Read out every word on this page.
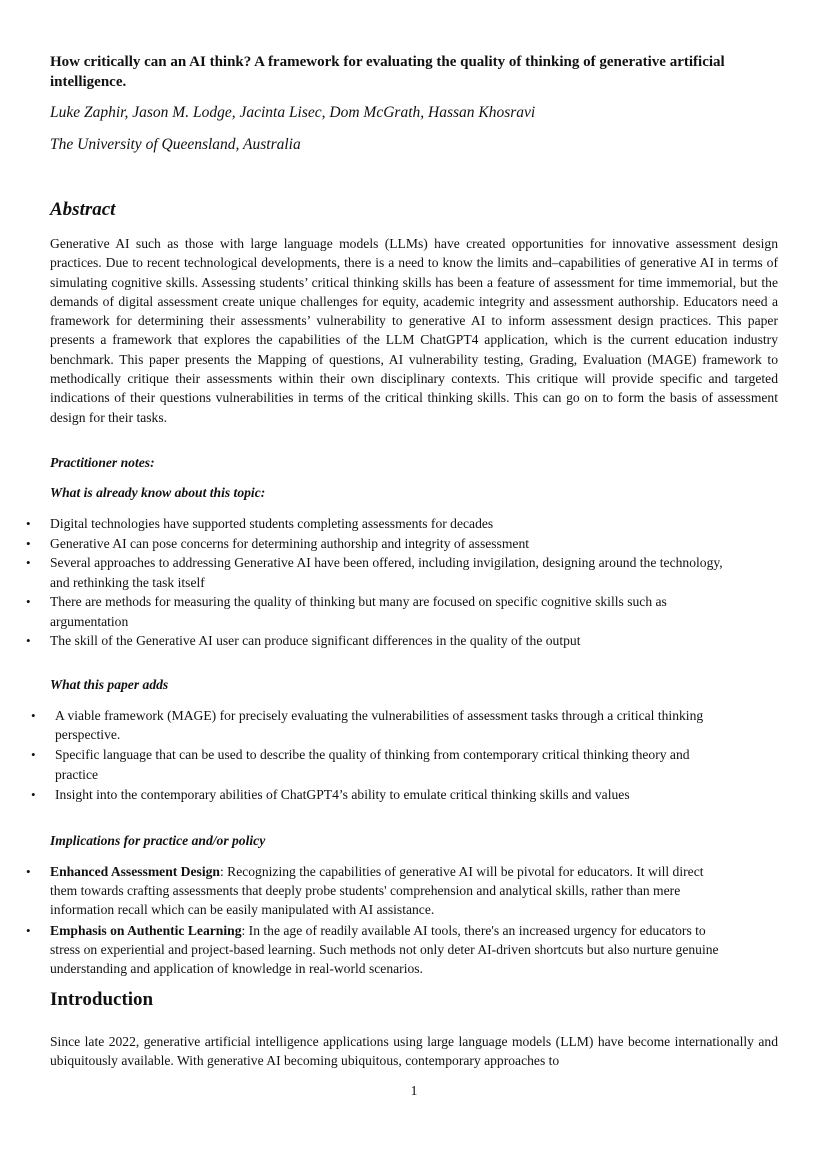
How critically can an AI think? A framework for evaluating the quality of thinking of generative artificial intelligence.

Luke Zaphir, Jason M. Lodge, Jacinta Lisec, Dom McGrath, Hassan Khosravi

The University of Queensland, Australia

Abstract

Generative AI such as those with large language models (LLMs) have created opportunities for innovative assessment design practices. Due to recent technological developments, there is a need to know the limits and–capabilities of generative AI in terms of simulating cognitive skills. Assessing students’ critical thinking skills has been a feature of assessment for time immemorial, but the demands of digital assessment create unique challenges for equity, academic integrity and assessment authorship. Educators need a framework for determining their assessments’ vulnerability to generative AI to inform assessment design practices. This paper presents a framework that explores the capabilities of the LLM ChatGPT4 application, which is the current education industry benchmark. This paper presents the Mapping of questions, AI vulnerability testing, Grading, Evaluation (MAGE) framework to methodically critique their assessments within their own disciplinary contexts. This critique will provide specific and targeted indications of their questions vulnerabilities in terms of the critical thinking skills. This can go on to form the basis of assessment design for their tasks.

Practitioner notes:

What is already know about this topic:

What this paper adds

Implications for practice and/or policy

Introduction

Since late 2022, generative artificial intelligence applications using large language models (LLM) have become internationally and ubiquitously available. With generative AI becoming ubiquitous, contemporary approaches to

1
• Digital technologies have supported students completing assessments for decades
• Generative AI can pose concerns for determining authorship and integrity of assessment
• Several approaches to addressing Generative AI have been offered, including invigilation, designing around the technology, and rethinking the task itself
• There are methods for measuring the quality of thinking but many are focused on specific cognitive skills such as argumentation
• The skill of the Generative AI user can produce significant differences in the quality of the output
• A viable framework (MAGE) for precisely evaluating the vulnerabilities of assessment tasks through a critical thinking perspective.
• Specific language that can be used to describe the quality of thinking from contemporary critical thinking theory and practice
• Insight into the contemporary abilities of ChatGPT4’s ability to emulate critical thinking skills and values
• Enhanced Assessment Design: Recognizing the capabilities of generative AI will be pivotal for educators. It will direct them towards crafting assessments that deeply probe students' comprehension and analytical skills, rather than mere information recall which can be easily manipulated with AI assistance.
• Emphasis on Authentic Learning: In the age of readily available AI tools, there's an increased urgency for educators to stress on experiential and project-based learning. Such methods not only deter AI-driven shortcuts but also nurture genuine understanding and application of knowledge in real-world scenarios.
